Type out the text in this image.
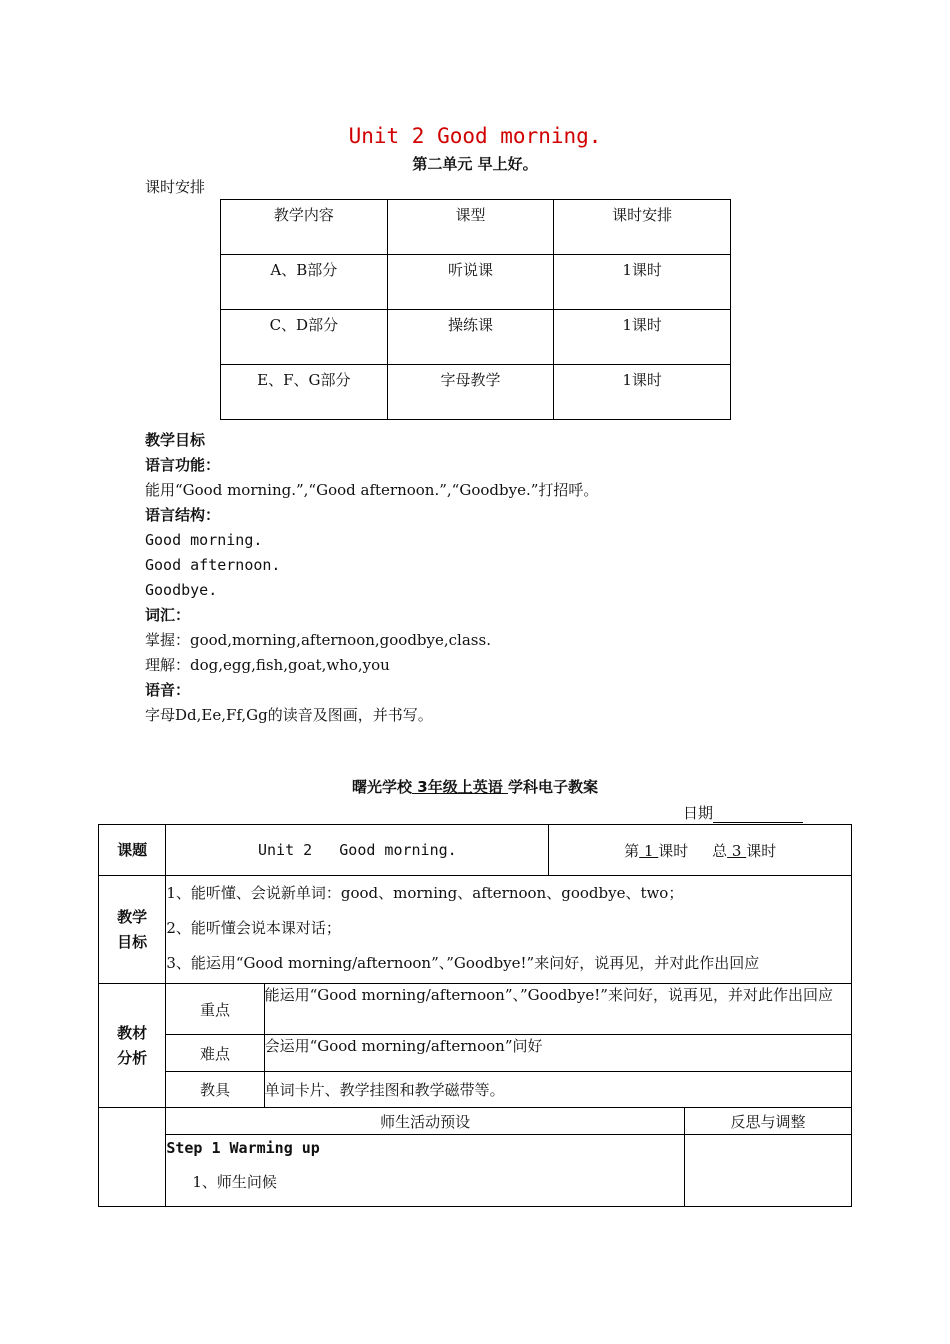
Unit 2 Good morning.
第二单元 早上好。
课时安排
教学内容	课型	课时安排
A、B部分	听说课	1课时
C、D部分	操练课	1课时
E、F、G部分	字母教学	1课时
教学目标
语言功能：
能用“Good morning.”,“Good afternoon.”,“Goodbye.”打招呼。
语言结构：
Good morning.
Good afternoon.
Goodbye.
词汇：
掌握：good,morning,afternoon,goodbye,class.
理解：dog,egg,fish,goat,who,you
语音：
字母Dd,Ee,Ff,Gg的读音及图画，并书写。
曙光学校 3年级上英语 学科电子教案
日期
课题	Unit 2   Good morning.		第 1 课时     总 3 课时	
教学目标	1、能听懂、会说新单词：good、morning、afternoon、goodbye、two；
2、能听懂会说本课对话；
3、能运用“Good morning/afternoon”、”Goodbye!”来问好，说再见，并对此作出回应			

教材分析	重点	能运用“Good morning/afternoon”、”Goodbye!”来问好，说再见，并对此作出回应		
	难点	会运用“Good morning/afternoon”问好		
	教具	单词卡片、教学挂图和教学磁带等。		
	师生活动预设			反思与调整

	Step 1 Warming up
1、师生问候			
